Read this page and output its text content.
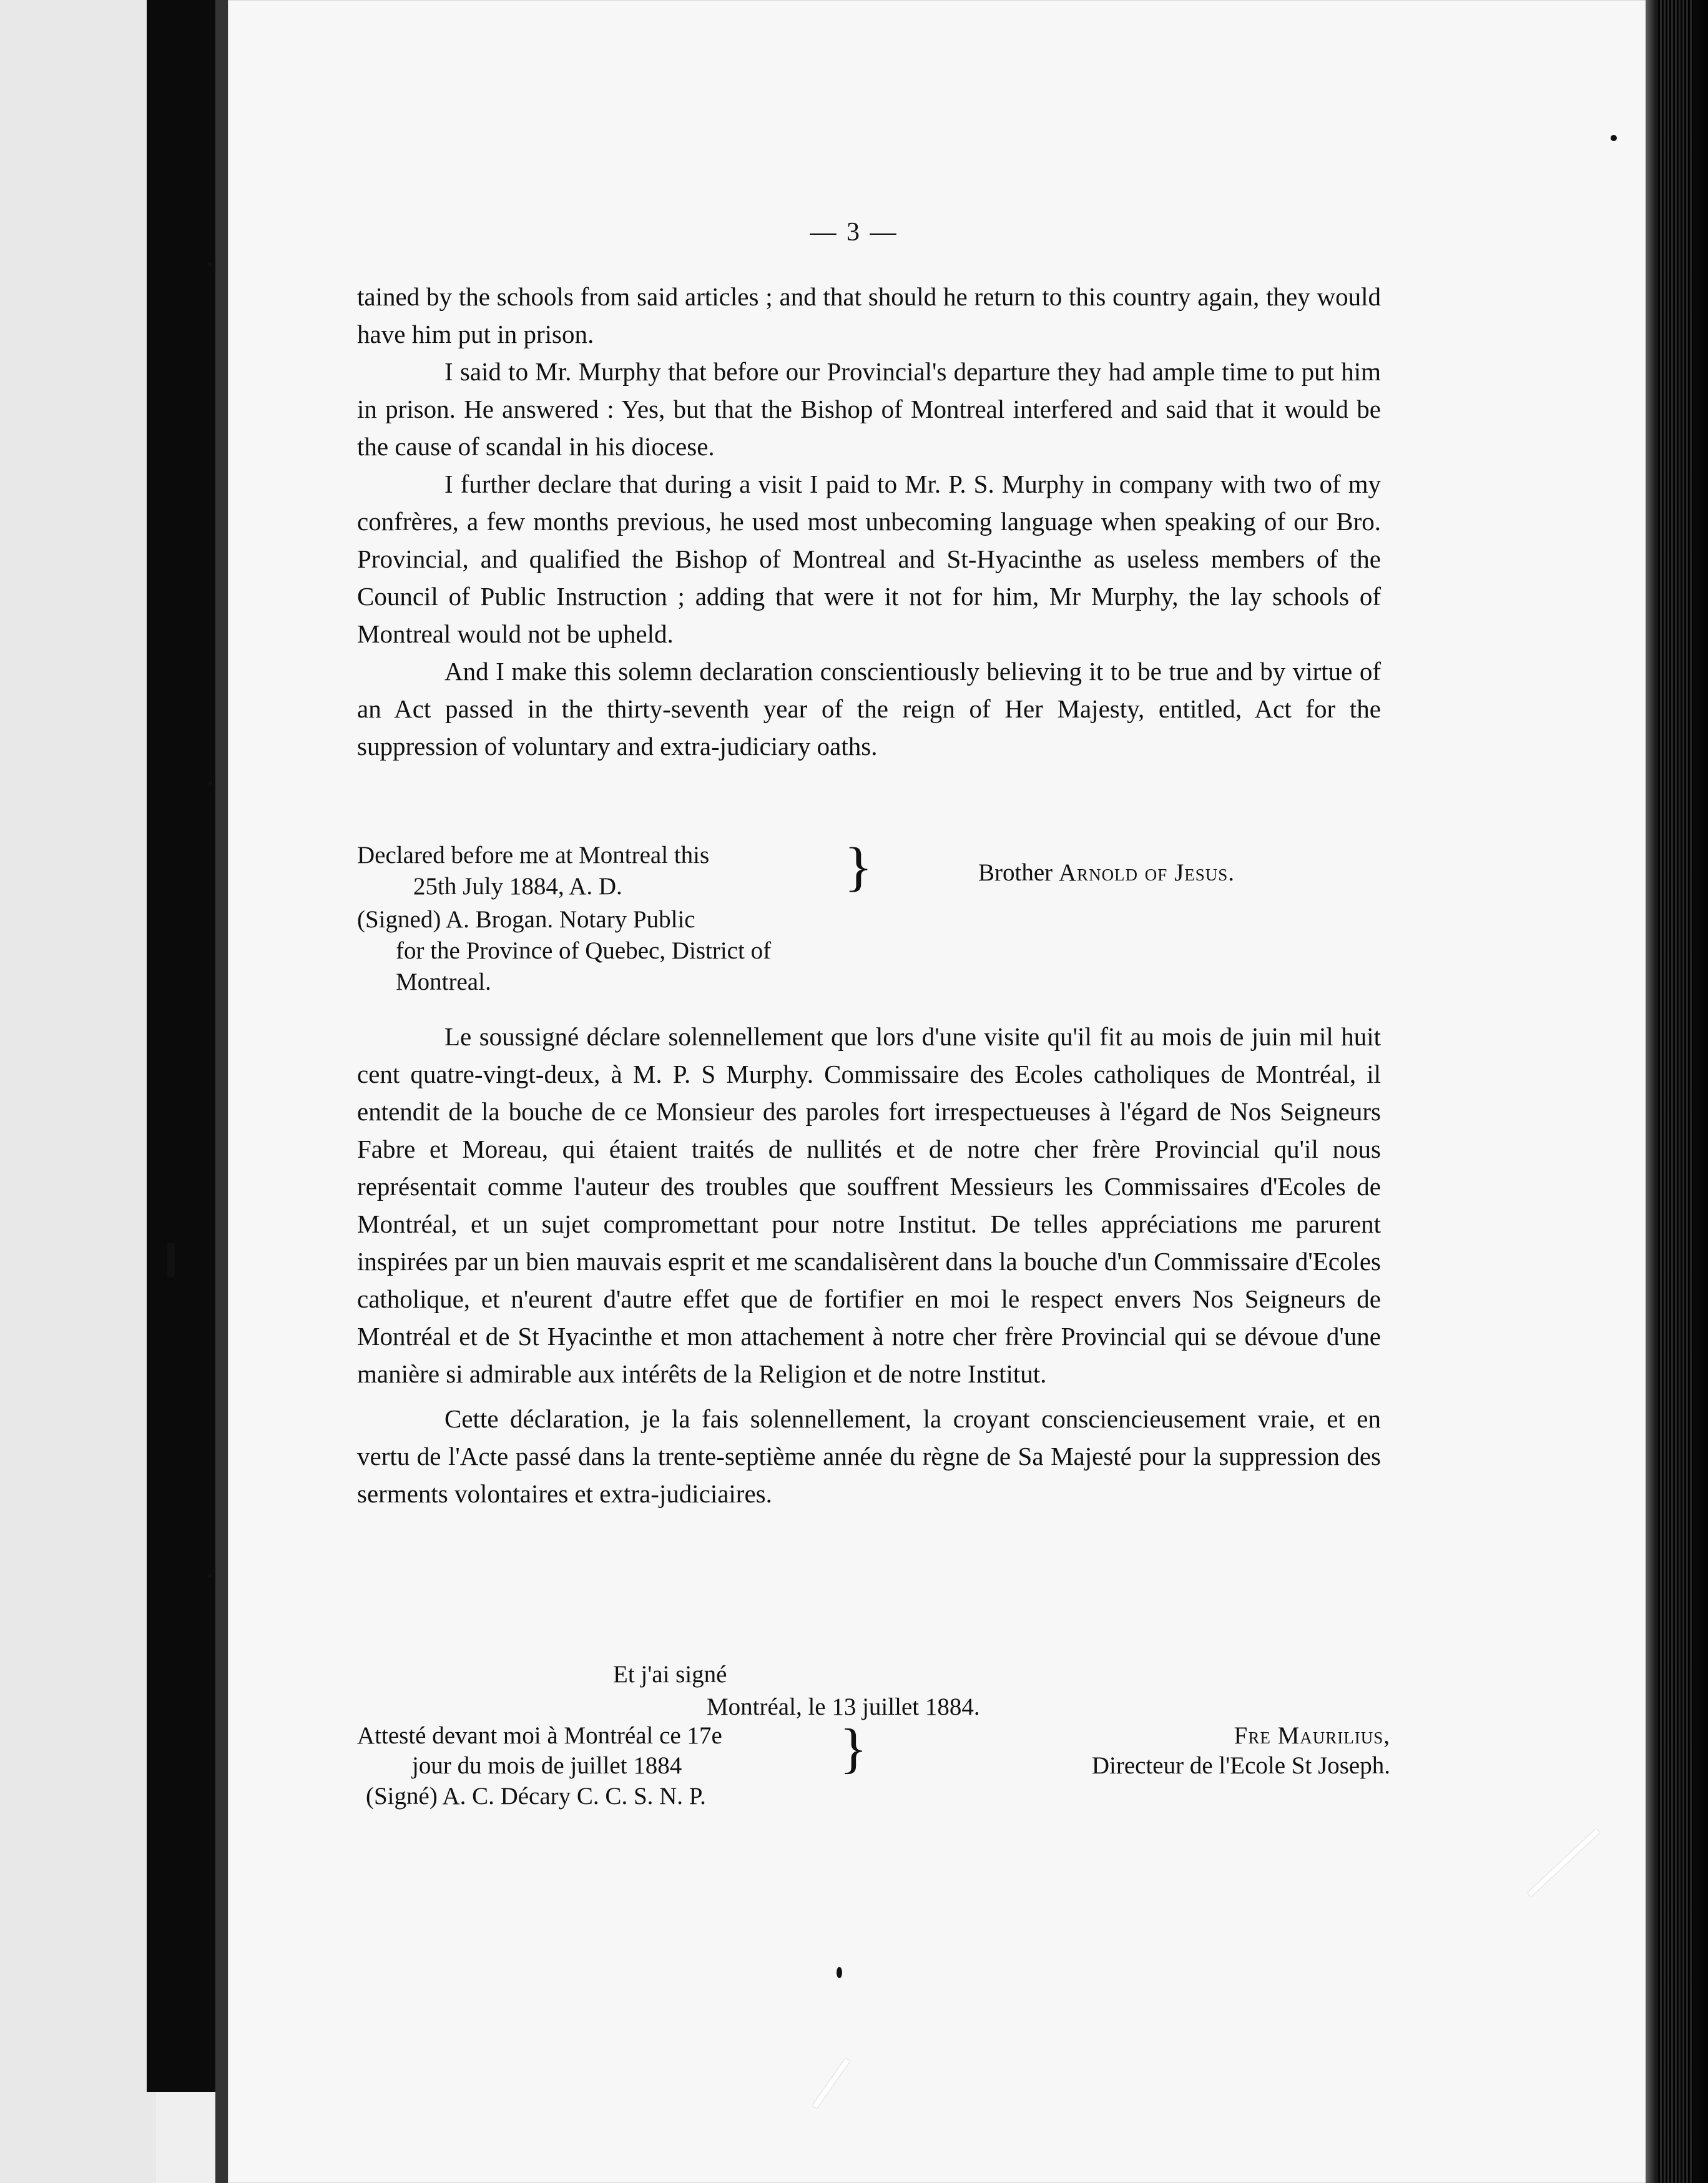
— 3 —

tained by the schools from said articles ; and that should he return to this country again, they would have him put in prison.

I said to Mr. Murphy that before our Provincial's departure they had ample time to put him in prison. He answered : Yes, but that the Bishop of Montreal interfered and said that it would be the cause of scandal in his diocese.

I further declare that during a visit I paid to Mr. P. S. Murphy in company with two of my confrères, a few months previous, he used most unbecoming language when speaking of our Bro. Provincial, and qualified the Bishop of Montreal and St-Hyacinthe as useless members of the Council of Public Instruction ; adding that were it not for him, Mr Murphy, the lay schools of Montreal would not be upheld.

And I make this solemn declaration conscientiously believing it to be true and by virtue of an Act passed in the thirty-seventh year of the reign of Her Majesty, entitled, Act for the suppression of voluntary and extra-judiciary oaths.

Declared before me at Montreal this
25th July 1884, A. D.	}	Brother Arnold of Jesus.
(Signed) A. Brogan. Notary Public
for the Province of Quebec, District of Montreal.

Le soussigné déclare solennellement que lors d'une visite qu'il fit au mois de juin mil huit cent quatre-vingt-deux, à M. P. S Murphy. Commissaire des Ecoles catholiques de Montréal, il entendit de la bouche de ce Monsieur des paroles fort irrespectueuses à l'égard de Nos Seigneurs Fabre et Moreau, qui étaient traités de nullités et de notre cher frère Provincial qu'il nous représentait comme l'auteur des troubles que souffrent Messieurs les Commissaires d'Ecoles de Montréal, et un sujet compromettant pour notre Institut. De telles appréciations me parurent inspirées par un bien mauvais esprit et me scandalisèrent dans la bouche d'un Commissaire d'Ecoles catholique, et n'eurent d'autre effet que de fortifier en moi le respect envers Nos Seigneurs de Montréal et de St Hyacinthe et mon attachement à notre cher frère Provincial qui se dévoue d'une manière si admirable aux intérêts de la Religion et de notre Institut.

Cette déclaration, je la fais solennellement, la croyant consciencieusement vraie, et en vertu de l'Acte passé dans la trente-septième année du règne de Sa Majesté pour la suppression des serments volontaires et extra-judiciaires.

Et j'ai signé
Montréal, le 13 juillet 1884.
Attesté devant moi à Montréal ce 17e
jour du mois de juillet 1884	}	Fre Maurilius,
Directeur de l'Ecole St Joseph.
(Signé) A. C. Décary C. C. S. N. P.
